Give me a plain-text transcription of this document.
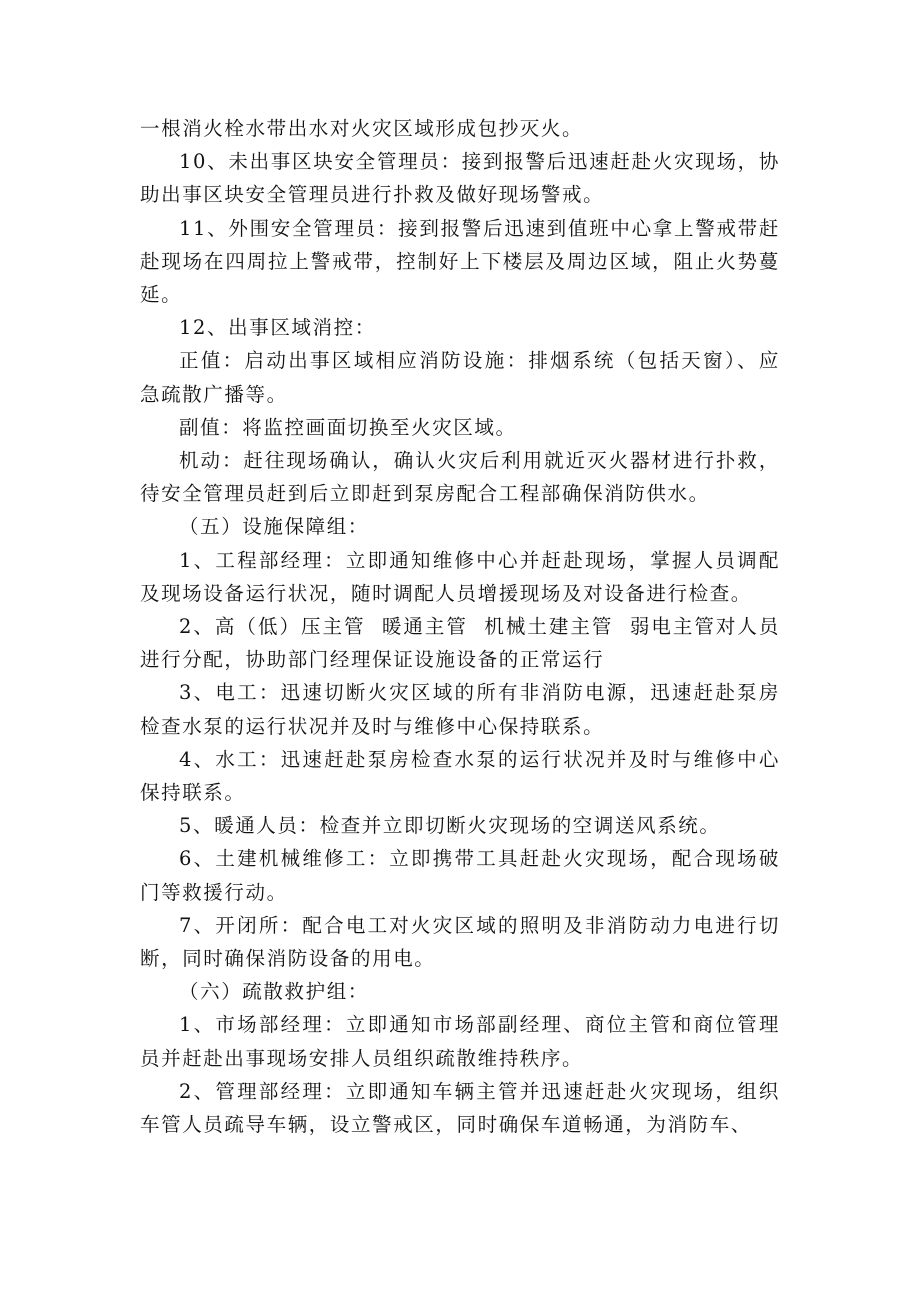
一根消火栓水带出水对火灾区域形成包抄灭火。

10、未出事区块安全管理员：接到报警后迅速赶赴火灾现场，协助出事区块安全管理员进行扑救及做好现场警戒。

11、外围安全管理员：接到报警后迅速到值班中心拿上警戒带赶赴现场在四周拉上警戒带，控制好上下楼层及周边区域，阻止火势蔓延。

12、出事区域消控：

正值：启动出事区域相应消防设施：排烟系统（包括天窗）、应急疏散广播等。

副值：将监控画面切换至火灾区域。

机动：赶往现场确认，确认火灾后利用就近灭火器材进行扑救，待安全管理员赶到后立即赶到泵房配合工程部确保消防供水。

（五）设施保障组：

1、工程部经理：立即通知维修中心并赶赴现场，掌握人员调配及现场设备运行状况，随时调配人员增援现场及对设备进行检查。

2、高（低）压主管  暖通主管  机械土建主管  弱电主管对人员进行分配，协助部门经理保证设施设备的正常运行

3、电工：迅速切断火灾区域的所有非消防电源，迅速赶赴泵房检查水泵的运行状况并及时与维修中心保持联系。

4、水工：迅速赶赴泵房检查水泵的运行状况并及时与维修中心保持联系。

5、暖通人员：检查并立即切断火灾现场的空调送风系统。

6、土建机械维修工：立即携带工具赶赴火灾现场，配合现场破门等救援行动。

7、开闭所：配合电工对火灾区域的照明及非消防动力电进行切断，同时确保消防设备的用电。

（六）疏散救护组：

1、市场部经理：立即通知市场部副经理、商位主管和商位管理员并赶赴出事现场安排人员组织疏散维持秩序。

2、管理部经理：立即通知车辆主管并迅速赶赴火灾现场，组织车管人员疏导车辆，设立警戒区，同时确保车道畅通，为消防车、
